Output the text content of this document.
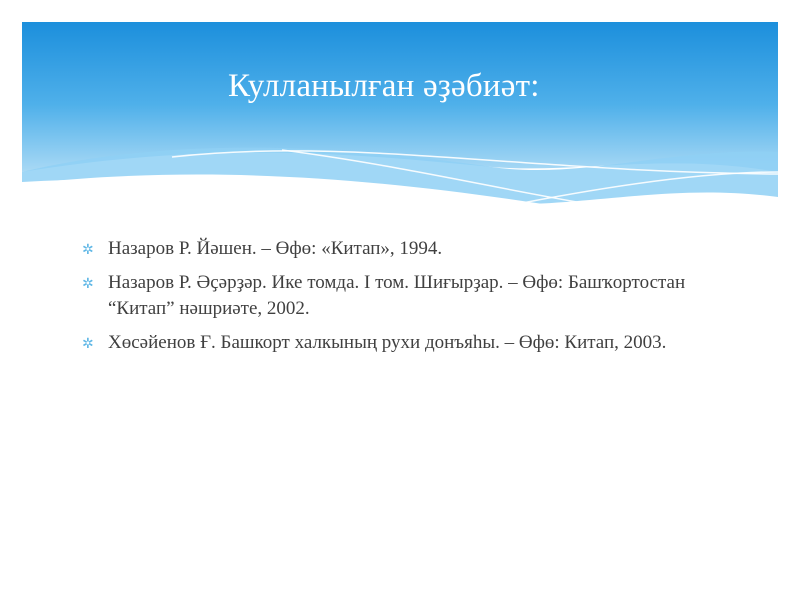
Кулланылған әҙәбиәт:
✲ Назаров Р. Йәшен. – Өфө: «Китап», 1994.
✲ Назаров Р. Әҫәрҙәр. Ике томда. I том. Шиғырҙар. – Өфө: Башҡортостан “Китап” нәшриәте, 2002.
✲ Хөсәйенов Ғ. Башкорт халкының рухи донъяһы. – Өфө: Китап, 2003.
